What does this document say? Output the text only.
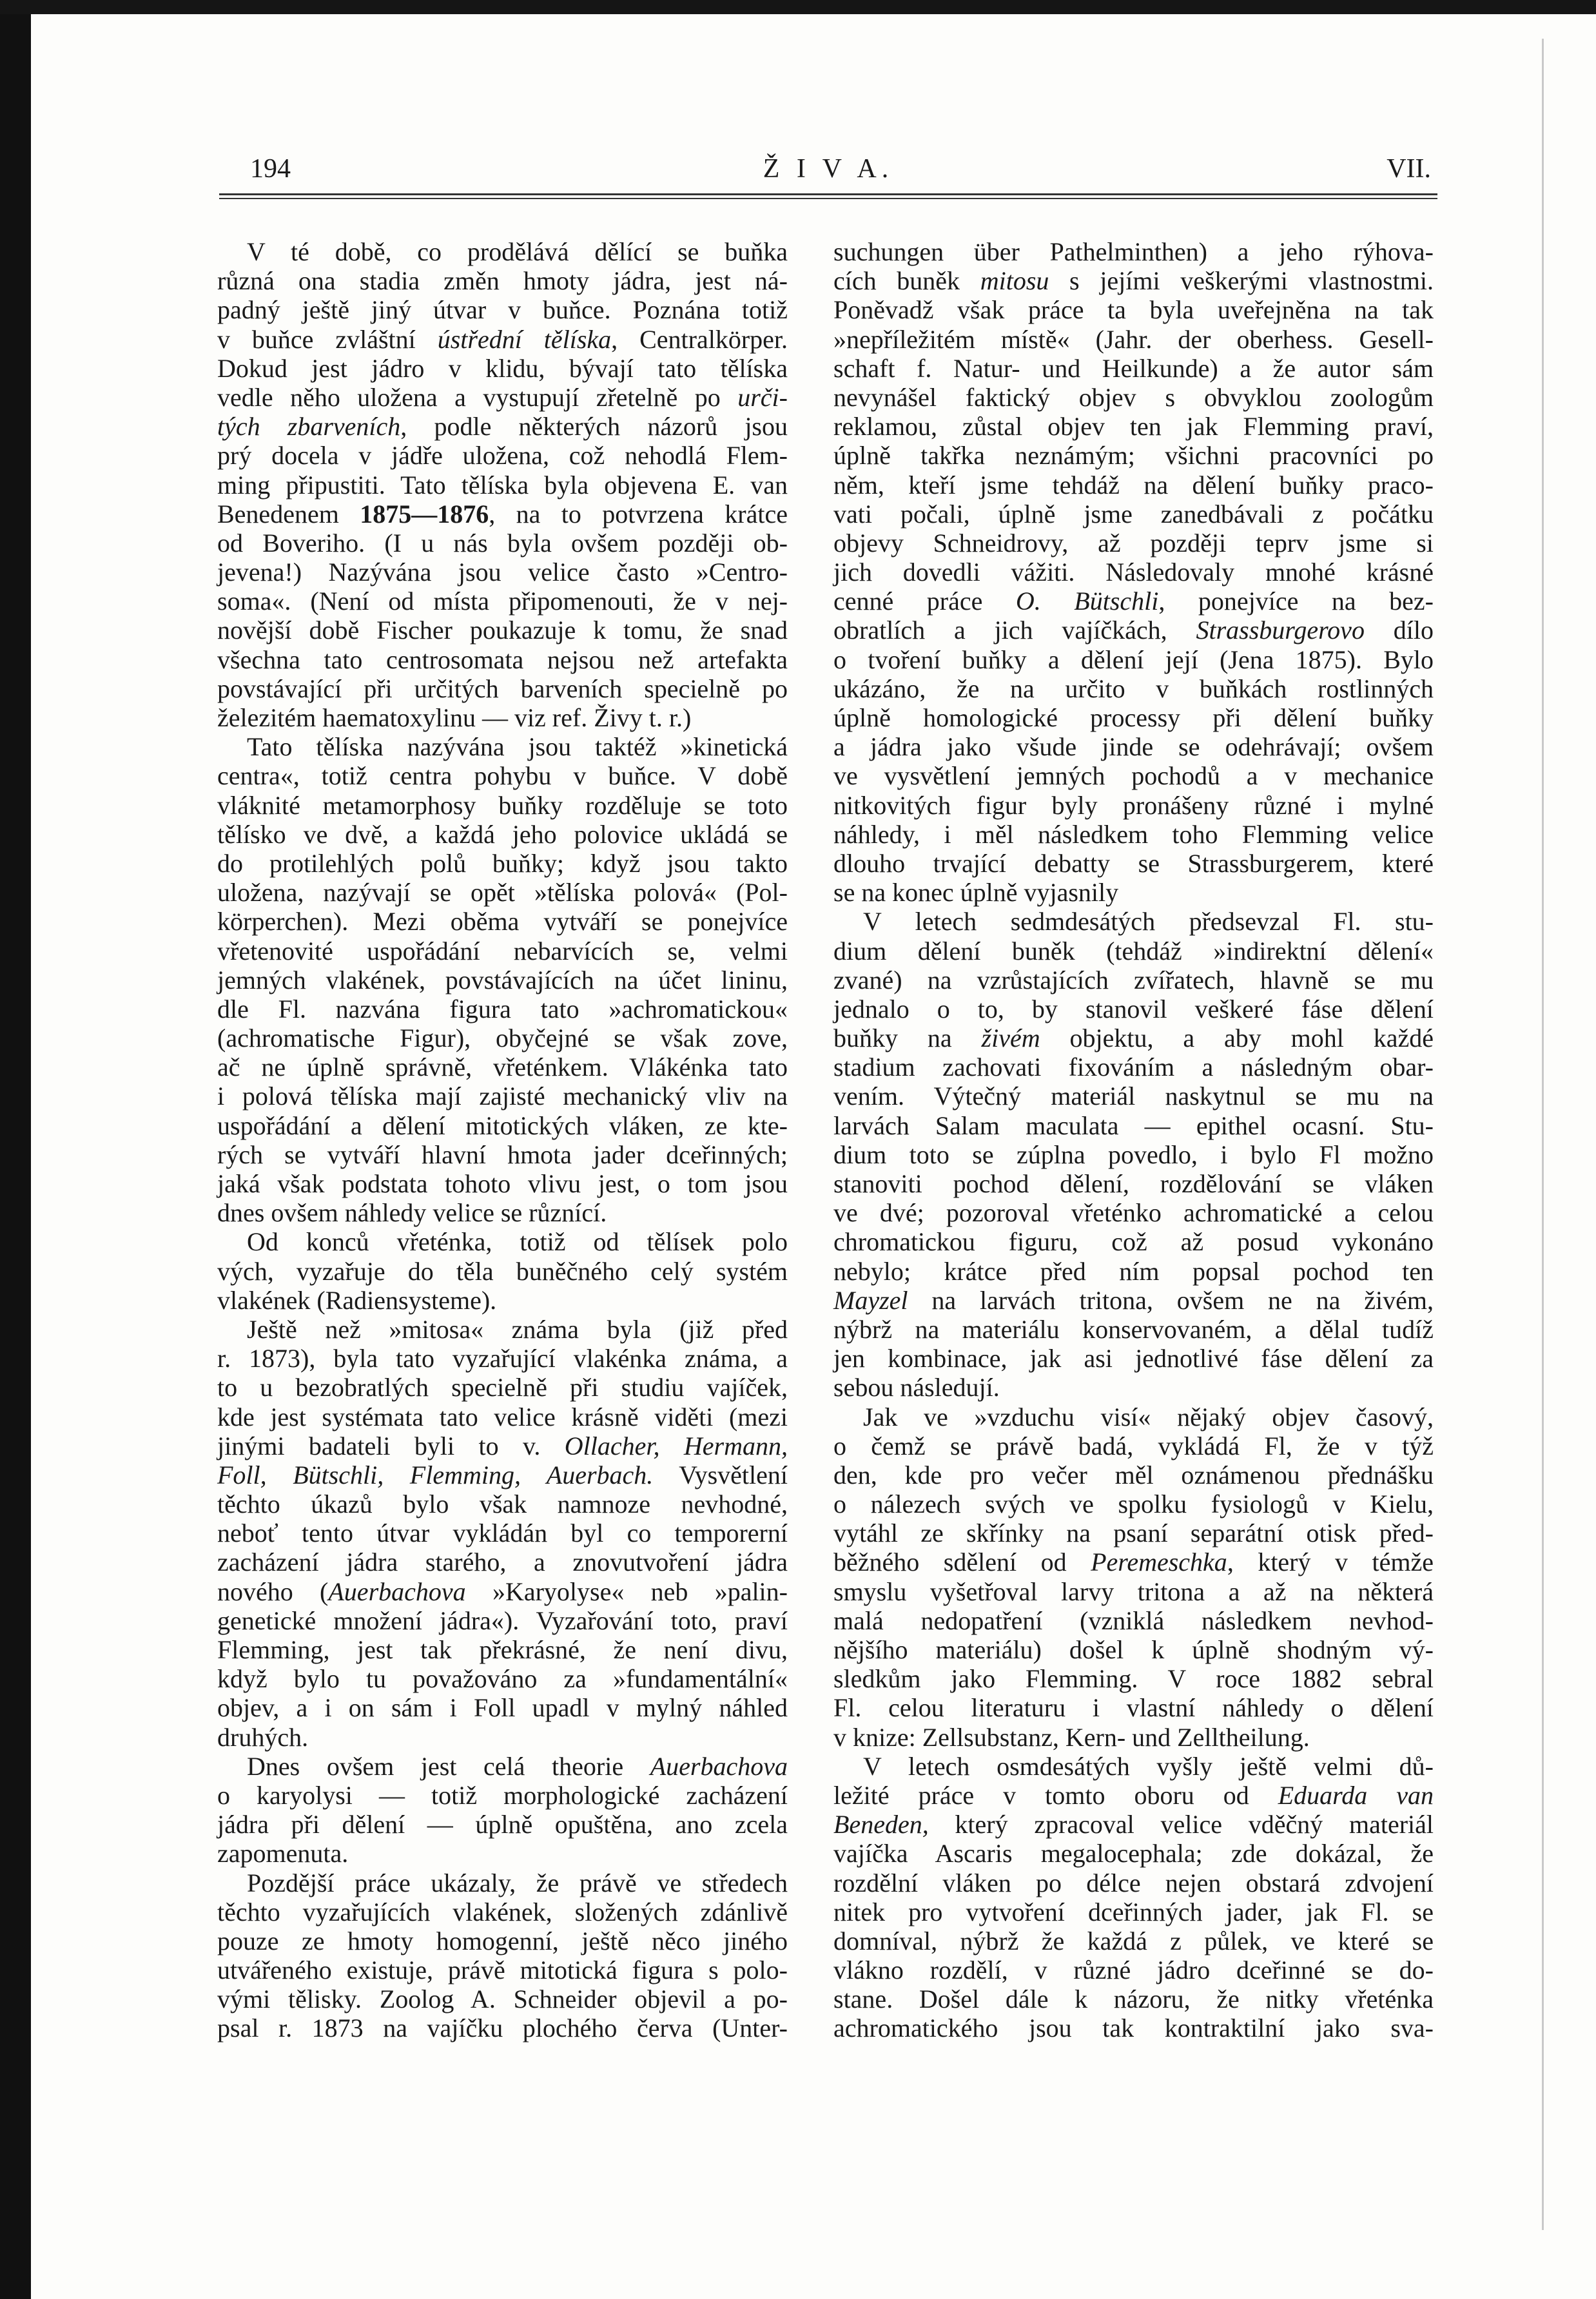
194	Ž I V A.	VII.
V té době, co prodělává dělící se buňka
různá ona stadia změn hmoty jádra, jest ná-
padný ještě jiný útvar v buňce. Poznána totiž
v buňce zvláštní ústřední tělíska, Centralkörper.
Dokud jest jádro v klidu, bývají tato tělíska
vedle něho uložena a vystupují zřetelně po urči-
tých zbarveních, podle některých názorů jsou
prý docela v jádře uložena, což nehodlá Flem-
ming připustiti. Tato tělíska byla objevena E. van
Benedenem 1875—1876, na to potvrzena krátce
od Boveriho. (I u nás byla ovšem později ob-
jevena!) Nazývána jsou velice často »Centro-
soma«. (Není od místa připomenouti, že v nej-
novější době Fischer poukazuje k tomu, že snad
všechna tato centrosomata nejsou než artefakta
povstávající při určitých barveních specielně po
železitém haematoxylinu — viz ref. Živy t. r.)
Tato tělíska nazývána jsou taktéž »kinetická
centra«, totiž centra pohybu v buňce. V době
vláknité metamorphosy buňky rozděluje se toto
tělísko ve dvě, a každá jeho polovice ukládá se
do protilehlých polů buňky; když jsou takto
uložena, nazývají se opět »tělíska polová« (Pol-
körperchen). Mezi oběma vytváří se ponejvíce
vřetenovité uspořádání nebarvících se, velmi
jemných vlakének, povstávajících na účet lininu,
dle Fl. nazvána figura tato »achromatickou«
(achromatische Figur), obyčejné se však zove,
ač ne úplně správně, vřeténkem. Vlákénka tato
i polová tělíska mají zajisté mechanický vliv na
uspořádání a dělení mitotických vláken, ze kte-
rých se vytváří hlavní hmota jader dceřinných;
jaká však podstata tohoto vlivu jest, o tom jsou
dnes ovšem náhledy velice se různící.
Od konců vřeténka, totiž od tělísek polo
vých, vyzařuje do těla buněčného celý systém
vlakének (Radiensysteme).
Ještě než »mitosa« známa byla (již před
r. 1873), byla tato vyzařující vlakénka známa, a
to u bezobratlých specielně při studiu vajíček,
kde jest systémata tato velice krásně viděti (mezi
jinými badateli byli to v. Ollacher, Hermann,
Foll, Bütschli, Flemming, Auerbach. Vysvětlení
těchto úkazů bylo však namnoze nevhodné,
neboť tento útvar vykládán byl co temporerní
zacházení jádra starého, a znovutvoření jádra
nového (Auerbachova »Karyolyse« neb »palin-
genetické množení jádra«). Vyzařování toto, praví
Flemming, jest tak překrásné, že není divu,
když bylo tu považováno za »fundamentální«
objev, a i on sám i Foll upadl v mylný náhled
druhých.
Dnes ovšem jest celá theorie Auerbachova
o karyolysi — totiž morphologické zacházení
jádra při dělení — úplně opuštěna, ano zcela
zapomenuta.
Pozdější práce ukázaly, že právě ve středech
těchto vyzařujících vlakének, složených zdánlivě
pouze ze hmoty homogenní, ještě něco jiného
utvářeného existuje, právě mitotická figura s polo-
vými tělisky. Zoolog A. Schneider objevil a po-
psal r. 1873 na vajíčku plochého červa (Unter-
suchungen über Pathelminthen) a jeho rýhova-
cích buněk mitosu s jejími veškerými vlastnostmi.
Poněvadž však práce ta byla uveřejněna na tak
»nepříležitém místě« (Jahr. der oberhess. Gesell-
schaft f. Natur- und Heilkunde) a že autor sám
nevynášel faktický objev s obvyklou zoologům
reklamou, zůstal objev ten jak Flemming praví,
úplně takřka neznámým; všichni pracovníci po
něm, kteří jsme tehdáž na dělení buňky praco-
vati počali, úplně jsme zanedbávali z počátku
objevy Schneidrovy, až později teprv jsme si
jich dovedli vážiti. Následovaly mnohé krásné
cenné práce O. Bütschli, ponejvíce na bez-
obratlích a jich vajíčkách, Strassburgerovo dílo
o tvoření buňky a dělení její (Jena 1875). Bylo
ukázáno, že na určito v buňkách rostlinných
úplně homologické processy při dělení buňky
a jádra jako všude jinde se odehrávají; ovšem
ve vysvětlení jemných pochodů a v mechanice
nitkovitých figur byly pronášeny různé i mylné
náhledy, i měl následkem toho Flemming velice
dlouho trvající debatty se Strassburgerem, které
se na konec úplně vyjasnily
V letech sedmdesátých předsevzal Fl. stu-
dium dělení buněk (tehdáž »indirektní dělení«
zvané) na vzrůstajících zvířatech, hlavně se mu
jednalo o to, by stanovil veškeré fáse dělení
buňky na živém objektu, a aby mohl každé
stadium zachovati fixováním a následným obar-
vením. Výtečný materiál naskytnul se mu na
larvách Salam maculata — epithel ocasní. Stu-
dium toto se zúplna povedlo, i bylo Fl možno
stanoviti pochod dělení, rozdělování se vláken
ve dvé; pozoroval vřeténko achromatické a celou
chromatickou figuru, což až posud vykonáno
nebylo; krátce před ním popsal pochod ten
Mayzel na larvách tritona, ovšem ne na živém,
nýbrž na materiálu konservovaném, a dělal tudíž
jen kombinace, jak asi jednotlivé fáse dělení za
sebou následují.
Jak ve »vzduchu visí« nějaký objev časový,
o čemž se právě badá, vykládá Fl, že v týž
den, kde pro večer měl oznámenou přednášku
o nálezech svých ve spolku fysiologů v Kielu,
vytáhl ze skřínky na psaní separátní otisk před-
běžného sdělení od Peremeschka, který v témže
smyslu vyšetřoval larvy tritona a až na některá
malá nedopatření (vzniklá následkem nevhod-
nějšího materiálu) došel k úplně shodným vý-
sledkům jako Flemming. V roce 1882 sebral
Fl. celou literaturu i vlastní náhledy o dělení
v knize: Zellsubstanz, Kern- und Zelltheilung.
V letech osmdesátých vyšly ještě velmi dů-
ležité práce v tomto oboru od Eduarda van
Beneden, který zpracoval velice vděčný materiál
vajíčka Ascaris megalocephala; zde dokázal, že
rozdělní vláken po délce nejen obstará zdvojení
nitek pro vytvoření dceřinných jader, jak Fl. se
domníval, nýbrž že každá z půlek, ve které se
vlákno rozdělí, v různé jádro dceřinné se do-
stane. Došel dále k názoru, že nitky vřeténka
achromatického jsou tak kontraktilní jako sva-
